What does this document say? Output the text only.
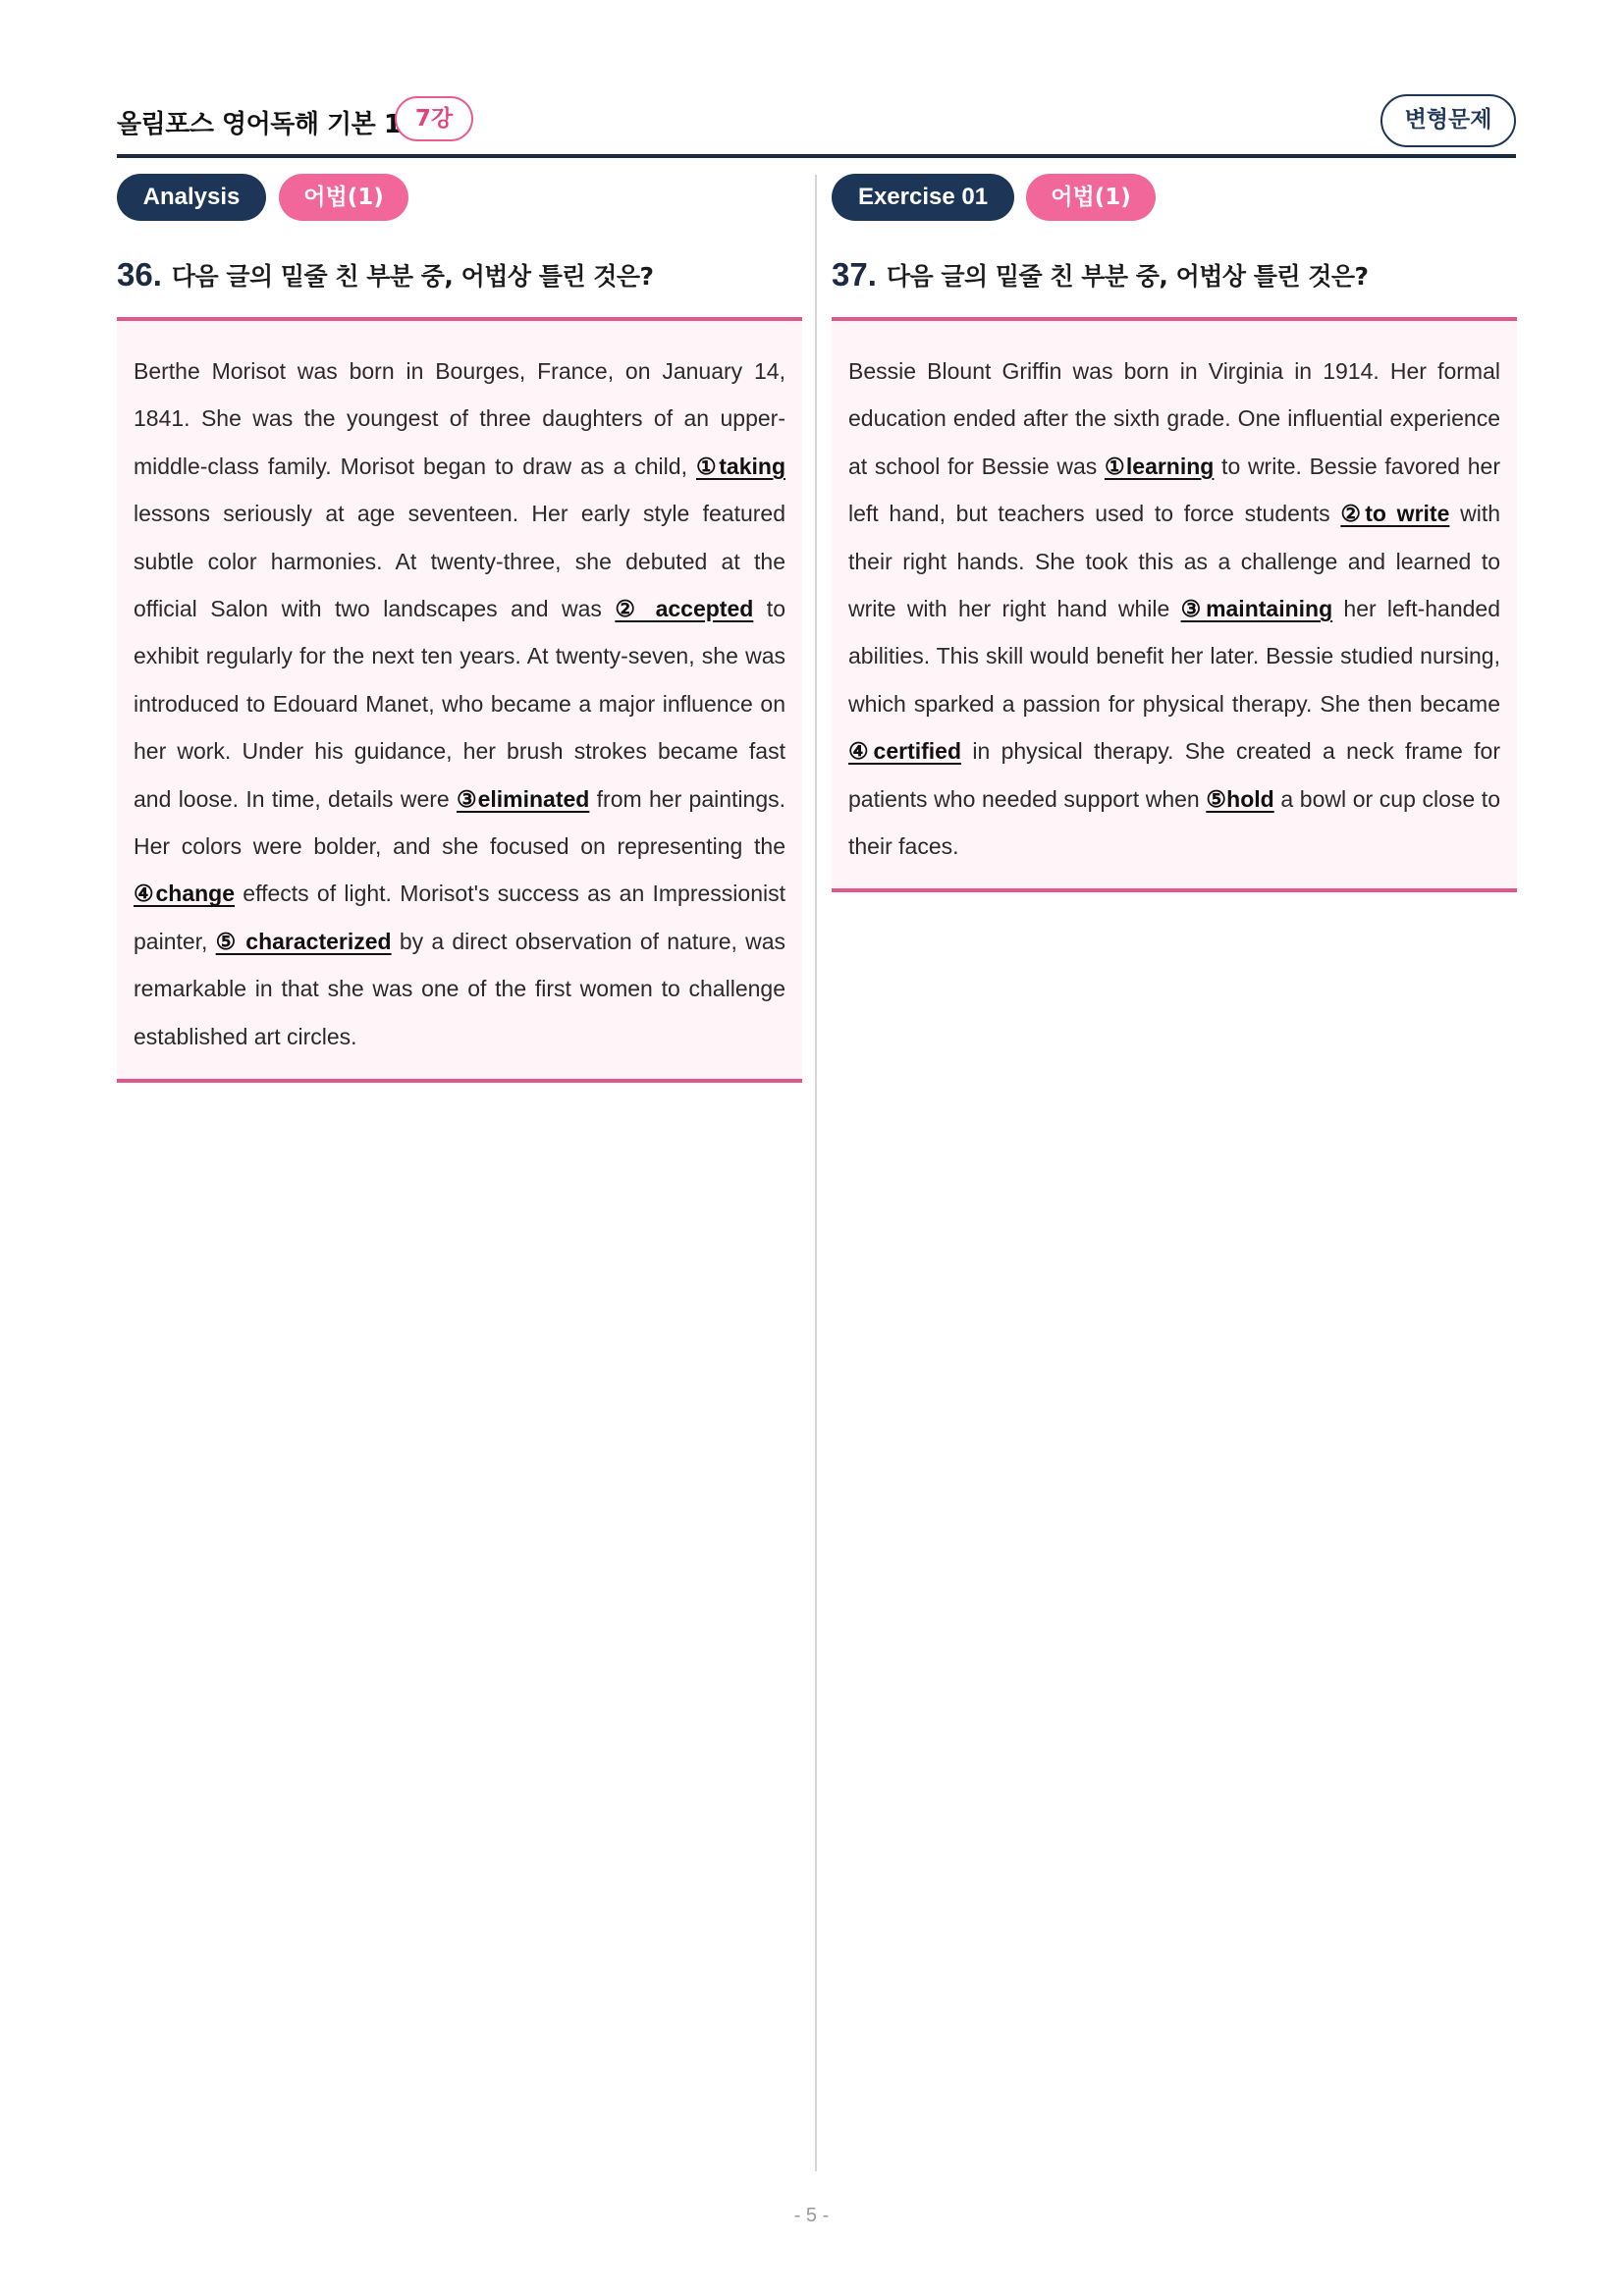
올림포스 영어독해 기본 1 7강	변형문제
Analysis	어법(1)
36. 다음 글의 밑줄 친 부분 중, 어법상 틀린 것은?

Berthe Morisot was born in Bourges, France, on January 14, 1841. She was the youngest of three daughters of an upper-middle-class family. Morisot began to draw as a child, ①taking lessons seriously at age seventeen. Her early style featured subtle color harmonies. At twenty-three, she debuted at the official Salon with two landscapes and was ② accepted to exhibit regularly for the next ten years. At twenty-seven, she was introduced to Edouard Manet, who became a major influence on her work. Under his guidance, her brush strokes became fast and loose. In time, details were ③eliminated from her paintings. Her colors were bolder, and she focused on representing the ④change effects of light. Morisot's success as an Impressionist painter, ⑤ characterized by a direct observation of nature, was remarkable in that she was one of the first women to challenge established art circles.

Exercise 01	어법(1)
37. 다음 글의 밑줄 친 부분 중, 어법상 틀린 것은?

Bessie Blount Griffin was born in Virginia in 1914. Her formal education ended after the sixth grade. One influential experience at school for Bessie was ①learning to write. Bessie favored her left hand, but teachers used to force students ②to write with their right hands. She took this as a challenge and learned to write with her right hand while ③maintaining her left-handed abilities. This skill would benefit her later. Bessie studied nursing, which sparked a passion for physical therapy. She then became ④certified in physical therapy. She created a neck frame for patients who needed support when ⑤hold a bowl or cup close to their faces.

- 5 -
